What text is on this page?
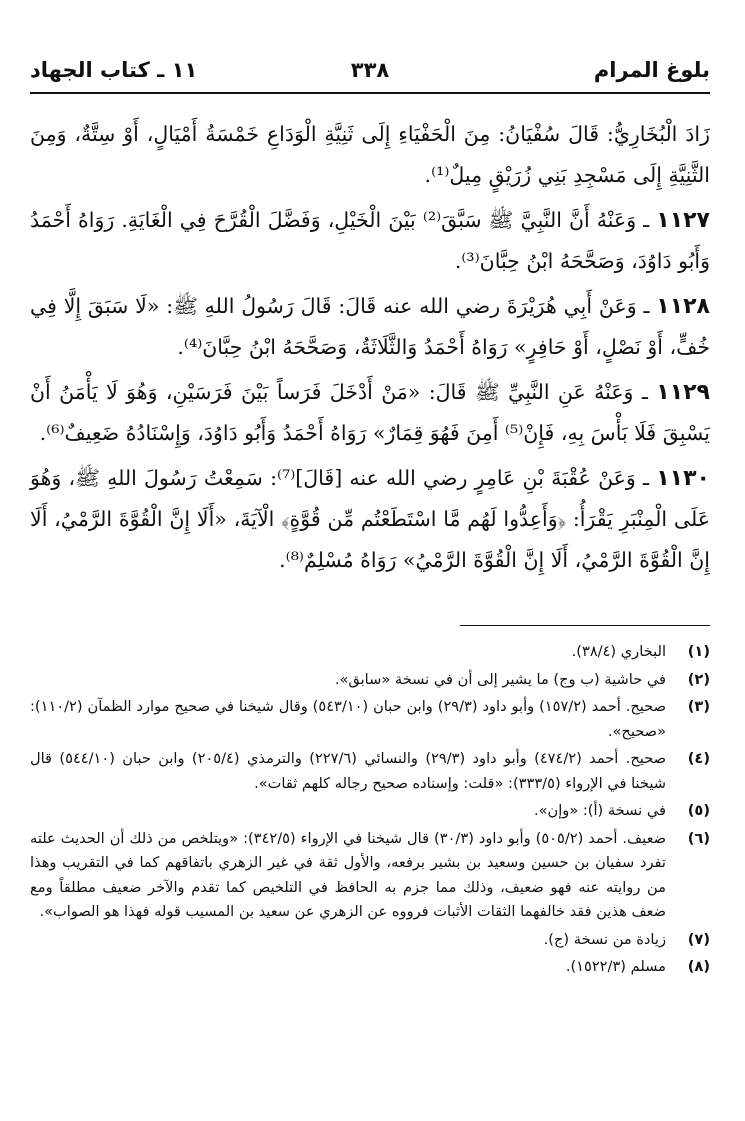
بلوغ المرام
٣٣٨
١١ ـ كتاب الجهاد

زَادَ الْبُخَارِيُّ: قَالَ سُفْيَانُ: مِنَ الْحَفْيَاءِ إِلَى ثَنِيَّةِ الْوَدَاعِ خَمْسَةُ أَمْيَالٍ، أَوْ سِتَّةٌ، وَمِنَ الثَّنِيَّةِ إِلَى مَسْجِدِ بَنِي زُرَيْقٍ مِيلٌ⁽¹⁾.

١١٢٧ ـ وَعَنْهُ أَنَّ النَّبِيَّ ﷺ سَبَّقَ⁽²⁾ بَيْنَ الْخَيْلِ، وَفَضَّلَ الْقُرَّحَ فِي الْغَايَةِ. رَوَاهُ أَحْمَدُ وَأَبُو دَاوُدَ، وَصَحَّحَهُ ابْنُ حِبَّانَ⁽³⁾.

١١٢٨ ـ وَعَنْ أَبِي هُرَيْرَةَ رضي الله عنه قَالَ: قَالَ رَسُولُ اللهِ ﷺ: «لَا سَبَقَ إِلَّا فِي خُفٍّ، أَوْ نَصْلٍ، أَوْ حَافِرٍ» رَوَاهُ أَحْمَدُ وَالثَّلَاثَةُ، وَصَحَّحَهُ ابْنُ حِبَّانَ⁽⁴⁾.

١١٢٩ ـ وَعَنْهُ عَنِ النَّبِيِّ ﷺ قَالَ: «مَنْ أَدْخَلَ فَرَساً بَيْنَ فَرَسَيْنِ، وَهُوَ لَا يَأْمَنُ أَنْ يَسْبِقَ فَلَا بَأْسَ بِهِ، فَإِنْ⁽⁵⁾ أَمِنَ فَهُوَ قِمَارٌ» رَوَاهُ أَحْمَدُ وَأَبُو دَاوُدَ، وَإِسْنَادُهُ ضَعِيفٌ⁽⁶⁾.

١١٣٠ ـ وَعَنْ عُقْبَةَ بْنِ عَامِرٍ رضي الله عنه [قَالَ]⁽⁷⁾: سَمِعْتُ رَسُولَ اللهِ ﷺ، وَهُوَ عَلَى الْمِنْبَرِ يَقْرَأُ: ﴿وَأَعِدُّوا لَهُم مَّا اسْتَطَعْتُم مِّن قُوَّةٍ﴾ الْآيَةَ، «أَلَا إِنَّ الْقُوَّةَ الرَّمْيُ، أَلَا إِنَّ الْقُوَّةَ الرَّمْيُ، أَلَا إِنَّ الْقُوَّةَ الرَّمْيُ» رَوَاهُ مُسْلِمٌ⁽⁸⁾.

(١)
البخاري (٣٨/٤).
(٢)
في حاشية (ب وج) ما يشير إلى أن في نسخة «سابق».
(٣)
صحيح. أحمد (١٥٧/٢) وأبو داود (٢٩/٣) وابن حبان (٥٤٣/١٠) وقال شيخنا في صحيح موارد الظمآن (١١٠/٢): «صحيح».
(٤)
صحيح. أحمد (٤٧٤/٢) وأبو داود (٢٩/٣) والنسائي (٢٢٧/٦) والترمذي (٢٠٥/٤) وابن حبان (٥٤٤/١٠) قال شيخنا في الإرواء (٣٣٣/٥): «قلت: وإسناده صحيح رجاله كلهم ثقات».
(٥)
في نسخة (أ): «وإن».
(٦)
ضعيف. أحمد (٥٠٥/٢) وأبو داود (٣٠/٣) قال شيخنا في الإرواء (٣٤٢/٥): «ويتلخص من ذلك أن الحديث علته تفرد سفيان بن حسين وسعيد بن بشير برفعه، والأول ثقة في غير الزهري باتفاقهم كما في التقريب وهذا من روايته عنه فهو ضعيف، وذلك مما جزم به الحافظ في التلخيص كما تقدم والآخر ضعيف مطلقاً ومع ضعف هذين فقد خالفهما الثقات الأثبات فرووه عن الزهري عن سعيد بن المسيب قوله فهذا هو الصواب».
(٧)
زيادة من نسخة (ج).
(٨)
مسلم (١٥٢٢/٣).
